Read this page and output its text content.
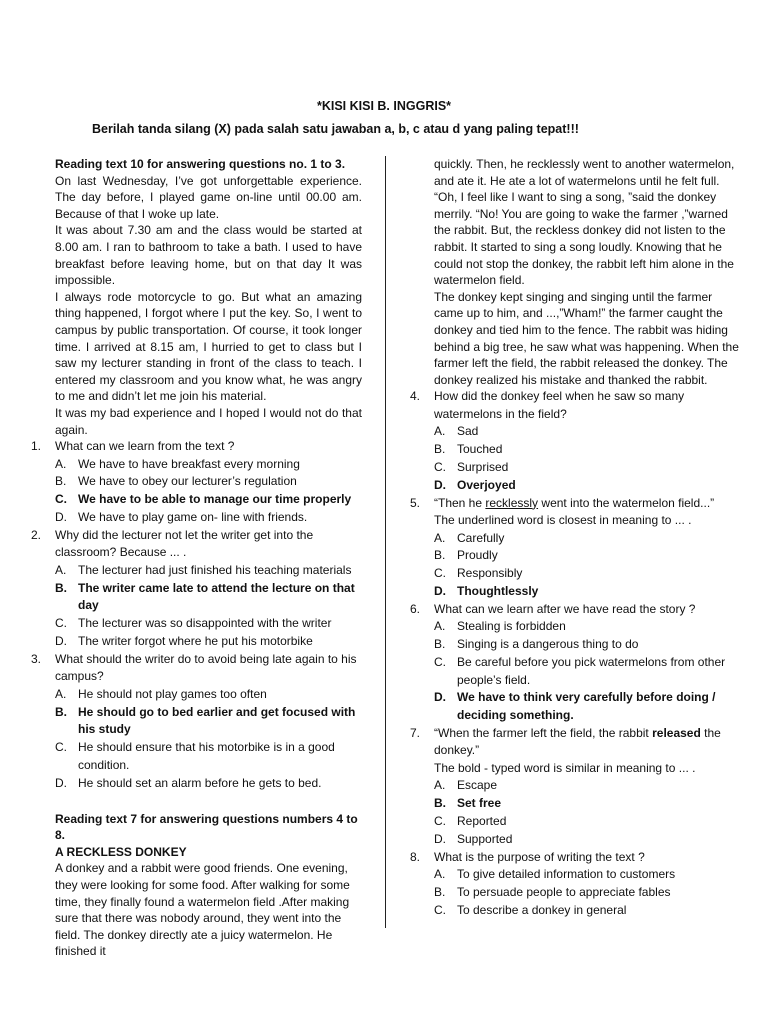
*KISI KISI B. INGGRIS*
Berilah tanda silang (X) pada salah satu jawaban a, b, c atau d yang paling tepat!!!

Reading text 10 for answering questions no. 1 to 3.

On last Wednesday, I’ve got unforgettable experience. The day before, I played game on-line until 00.00 am. Because of that I woke up late.

It was about 7.30 am and the class would be started at 8.00 am. I ran to bathroom to take a bath. I used to have breakfast before leaving home, but on that day It was impossible.

I always rode motorcycle to go. But what an amazing thing happened, I forgot where I put the key. So, I went to campus by public transportation. Of course, it took longer time. I arrived at 8.15 am, I hurried to get to class but I saw my lecturer standing in front of the class to teach. I entered my classroom and you know what, he was angry to me and didn’t let me join his material.

It was my bad experience and I hoped I would not do that again.

1. What can we learn from the text ?
A. We have to have breakfast every morning
B. We have to obey our lecturer’s regulation
C. We have to be able to manage our time properly
D. We have to play game on- line with friends.
2. Why did the lecturer not let the writer get into the classroom? Because ... .
A. The lecturer had just finished his teaching materials
B. The writer came late to attend the lecture on that day
C. The lecturer was so disappointed with the writer
D. The writer forgot where he put his motorbike
3. What should the writer do to avoid being late again to his campus?
A. He should not play games too often
B. He should go to bed earlier and get focused with his study
C. He should ensure that his motorbike is in a good condition.
D. He should set an alarm before he gets to bed.

Reading text 7 for answering questions numbers 4 to 8.

A RECKLESS DONKEY

A donkey and a rabbit were good friends. One evening, they were looking for some food. After walking for some time, they finally found a watermelon field .After making sure that there was nobody around, they went into the field. The donkey directly ate a juicy watermelon. He finished it

quickly. Then, he recklessly went to another watermelon, and ate it. He ate a lot of watermelons until he felt full.

“Oh, I feel like I want to sing a song, ”said the donkey merrily. “No! You are going to wake the farmer ,”warned the rabbit. But, the reckless donkey did not listen to the rabbit. It started to sing a song loudly. Knowing that he could not stop the donkey, the rabbit left him alone in the watermelon field.

The donkey kept singing and singing until the farmer came up to him, and ...,”Wham!” the farmer caught the donkey and tied him to the fence. The rabbit was hiding behind a big tree, he saw what was happening. When the farmer left the field, the rabbit released the donkey. The donkey realized his mistake and thanked the rabbit.

4. How did the donkey feel when he saw so many watermelons in the field?
A. Sad
B. Touched
C. Surprised
D. Overjoyed
5. “Then he recklessly went into the watermelon field...”

The underlined word is closest in meaning to ... .

A. Carefully
B. Proudly
C. Responsibly
D. Thoughtlessly
6. What can we learn after we have read the story ?
A. Stealing is forbidden
B. Singing is a dangerous thing to do
C. Be careful before you pick watermelons from other people’s field.
D. We have to think very carefully before doing / deciding something.
7. “When the farmer left the field, the rabbit released the donkey.”

The bold - typed word is similar in meaning to ... .

A. Escape
B. Set free
C. Reported
D. Supported
8. What is the purpose of writing the text ?
A. To give detailed information to customers
B. To persuade people to appreciate fables
C. To describe a donkey in general
